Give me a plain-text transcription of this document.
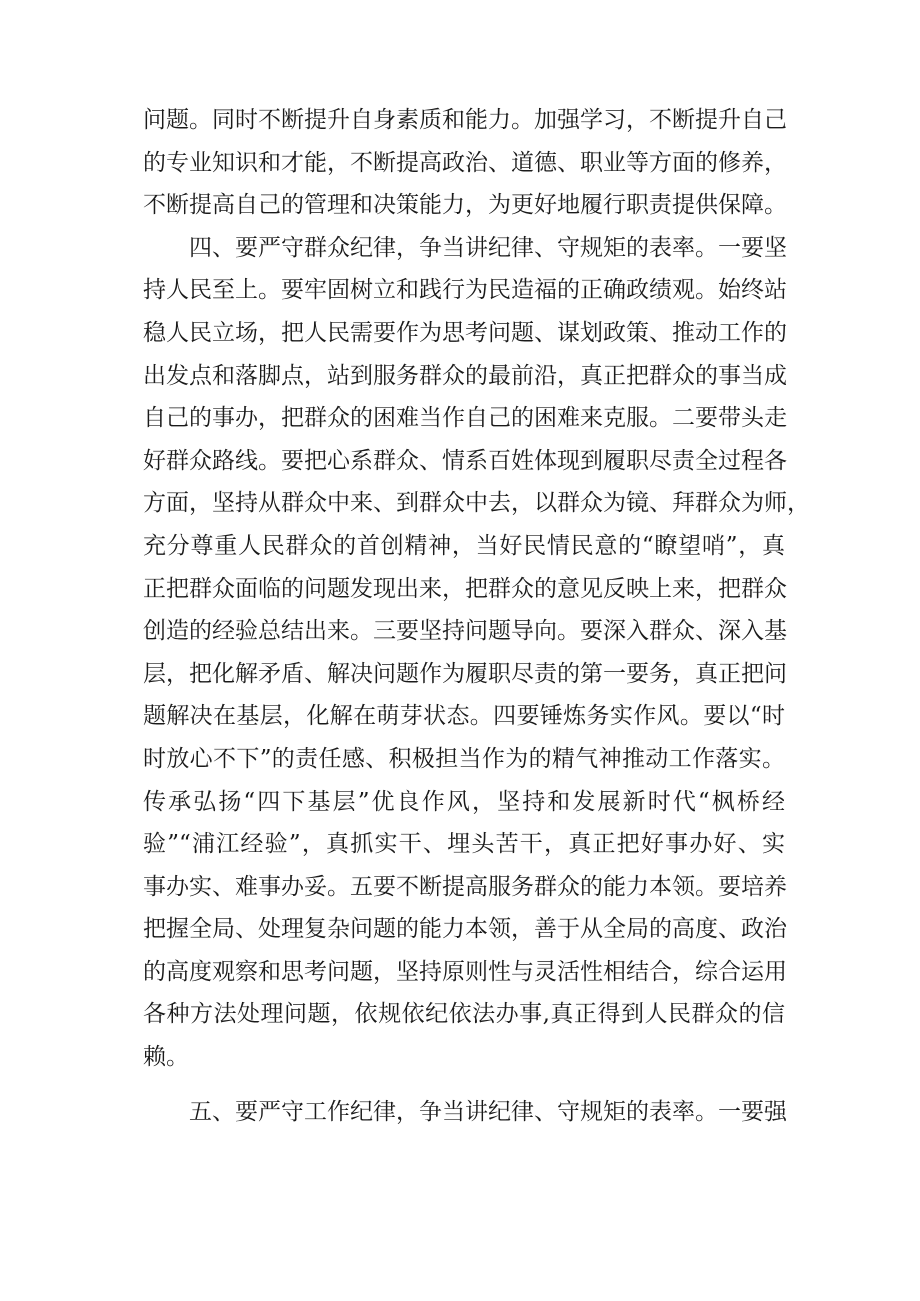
问题。同时不断提升自身素质和能力。加强学习，不断提升自己
的专业知识和才能，不断提高政治、道德、职业等方面的修养，
不断提高自己的管理和决策能力，为更好地履行职责提供保障。
四、要严守群众纪律，争当讲纪律、守规矩的表率。一要坚
持人民至上。要牢固树立和践行为民造福的正确政绩观。始终站
稳人民立场，把人民需要作为思考问题、谋划政策、推动工作的
出发点和落脚点，站到服务群众的最前沿，真正把群众的事当成
自己的事办，把群众的困难当作自己的困难来克服。二要带头走
好群众路线。要把心系群众、情系百姓体现到履职尽责全过程各
方面，坚持从群众中来、到群众中去，以群众为镜、拜群众为师，
充分尊重人民群众的首创精神，当好民情民意的“瞭望哨”，真
正把群众面临的问题发现出来，把群众的意见反映上来，把群众
创造的经验总结出来。三要坚持问题导向。要深入群众、深入基
层，把化解矛盾、解决问题作为履职尽责的第一要务，真正把问
题解决在基层，化解在萌芽状态。四要锤炼务实作风。要以“时
时放心不下”的责任感、积极担当作为的精气神推动工作落实。
传承弘扬“四下基层”优良作风，坚持和发展新时代“枫桥经
验”“浦江经验”，真抓实干、埋头苦干，真正把好事办好、实
事办实、难事办妥。五要不断提高服务群众的能力本领。要培养
把握全局、处理复杂问题的能力本领，善于从全局的高度、政治
的高度观察和思考问题，坚持原则性与灵活性相结合，综合运用
各种方法处理问题，依规依纪依法办事,真正得到人民群众的信
赖。
五、要严守工作纪律，争当讲纪律、守规矩的表率。一要强
